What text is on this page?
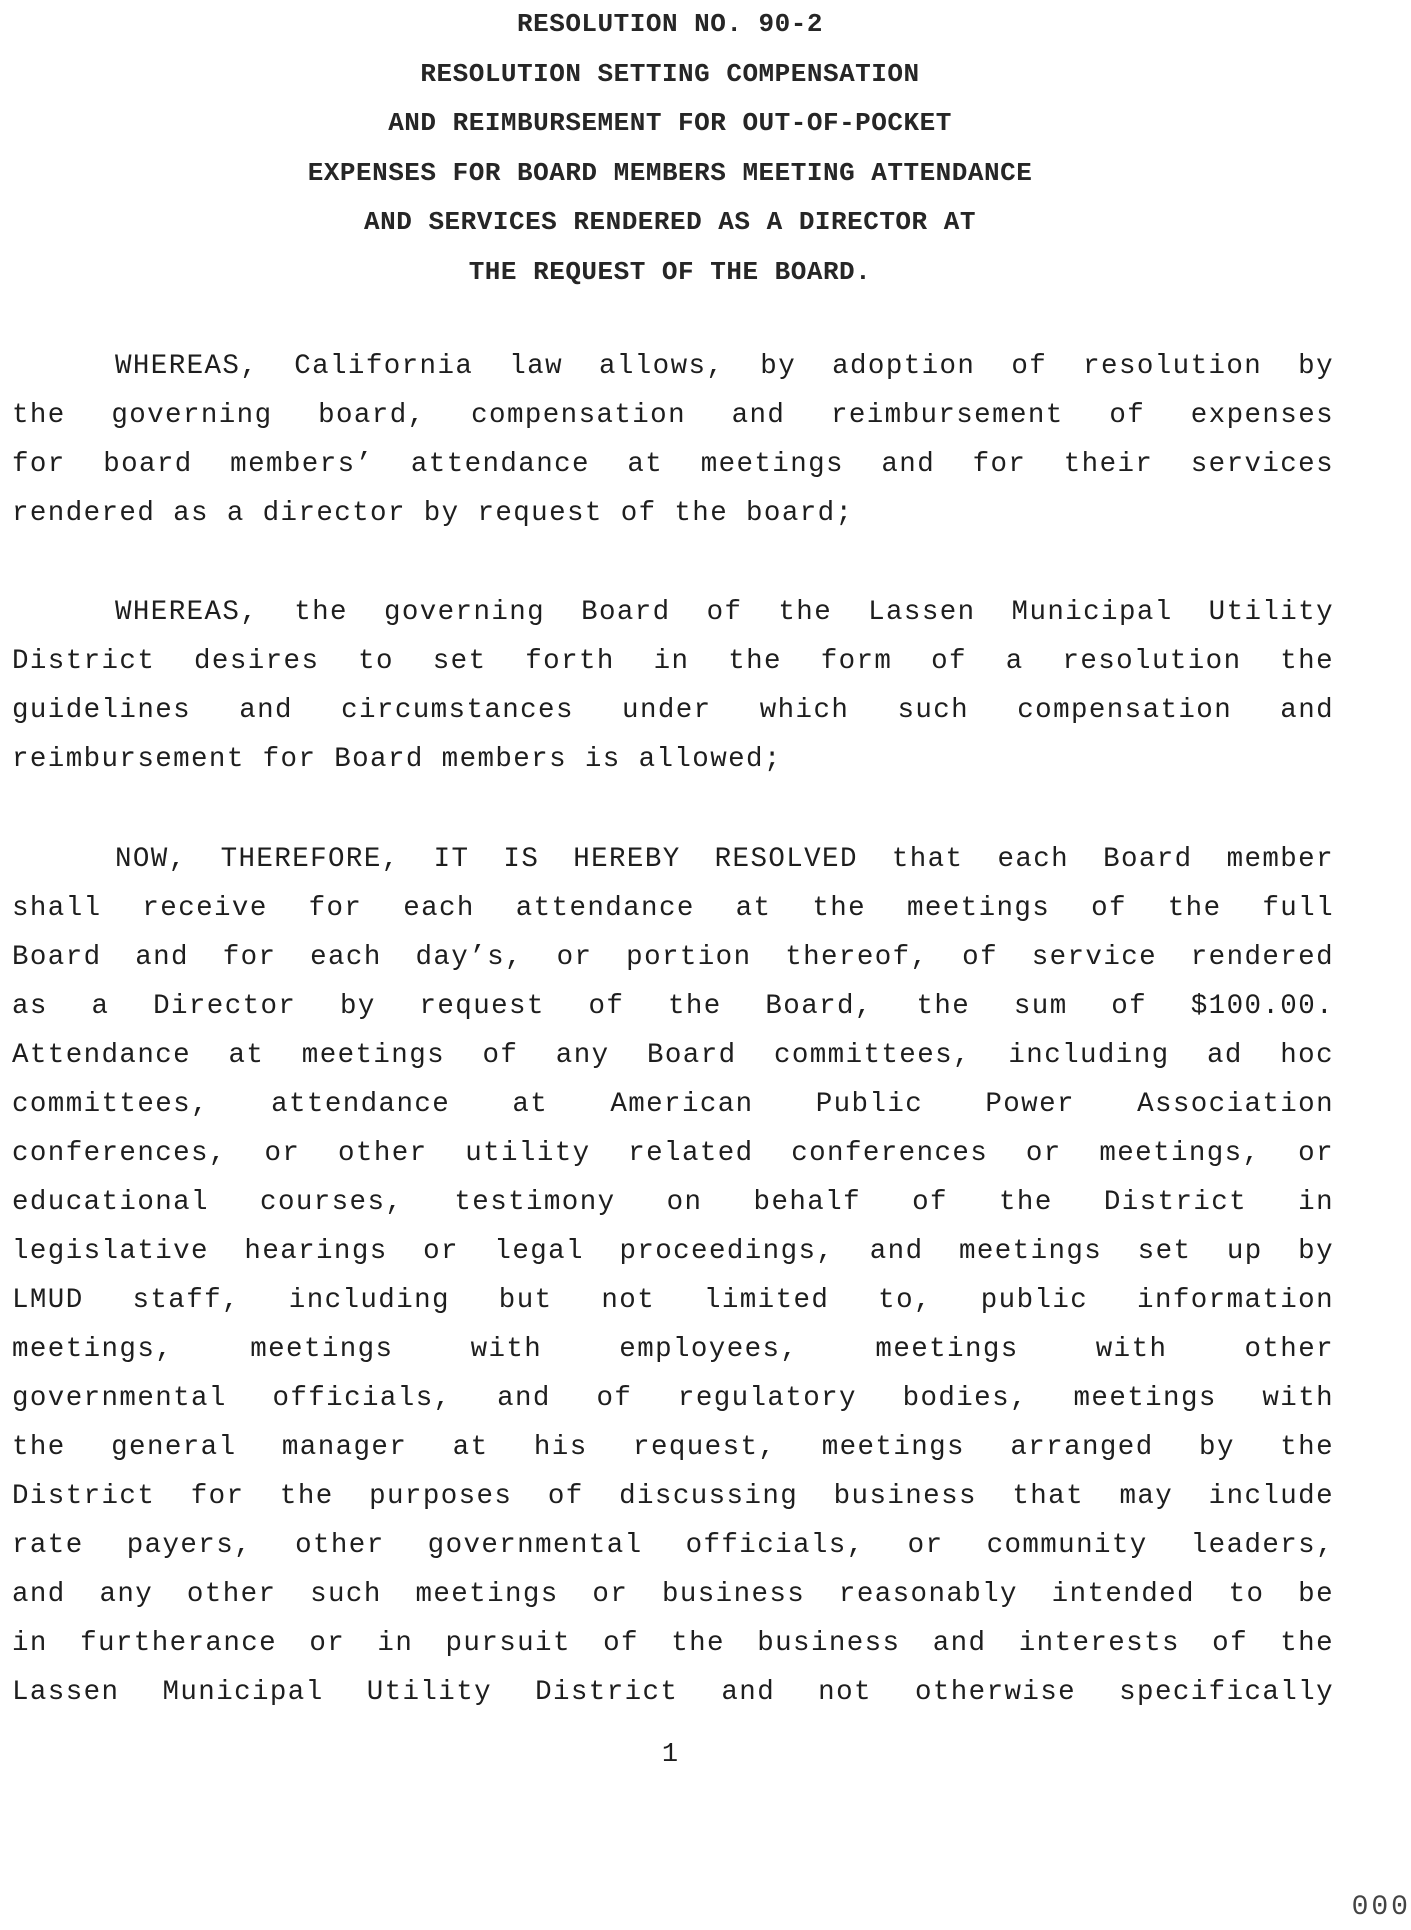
RESOLUTION NO. 90-2
RESOLUTION SETTING COMPENSATION
AND REIMBURSEMENT FOR OUT-OF-POCKET
EXPENSES FOR BOARD MEMBERS MEETING ATTENDANCE
AND SERVICES RENDERED AS A DIRECTOR AT
THE REQUEST OF THE BOARD.
WHEREAS, California law allows, by adoption of resolution by
the governing board, compensation and reimbursement of expenses
for board members’ attendance at meetings and for their services
rendered as a director by request of the board;
WHEREAS, the governing Board of the Lassen Municipal Utility
District desires to set forth in the form of a resolution the
guidelines and circumstances under which such compensation and
reimbursement for Board members is allowed;
NOW, THEREFORE, IT IS HEREBY RESOLVED that each Board member
shall receive for each attendance at the meetings of the full
Board and for each day’s, or portion thereof, of service rendered
as a Director by request of the Board, the sum of $100.00.
Attendance at meetings of any Board committees, including ad hoc
committees, attendance at American Public Power Association
conferences, or other utility related conferences or meetings, or
educational courses, testimony on behalf of the District in
legislative hearings or legal proceedings, and meetings set up by
LMUD staff, including but not limited to, public information
meetings, meetings with employees, meetings with other
governmental officials, and of regulatory bodies, meetings with
the general manager at his request, meetings arranged by the
District for the purposes of discussing business that may include
rate payers, other governmental officials, or community leaders,
and any other such meetings or business reasonably intended to be
in furtherance or in pursuit of the business and interests of the
Lassen Municipal Utility District and not otherwise specifically
1
000
